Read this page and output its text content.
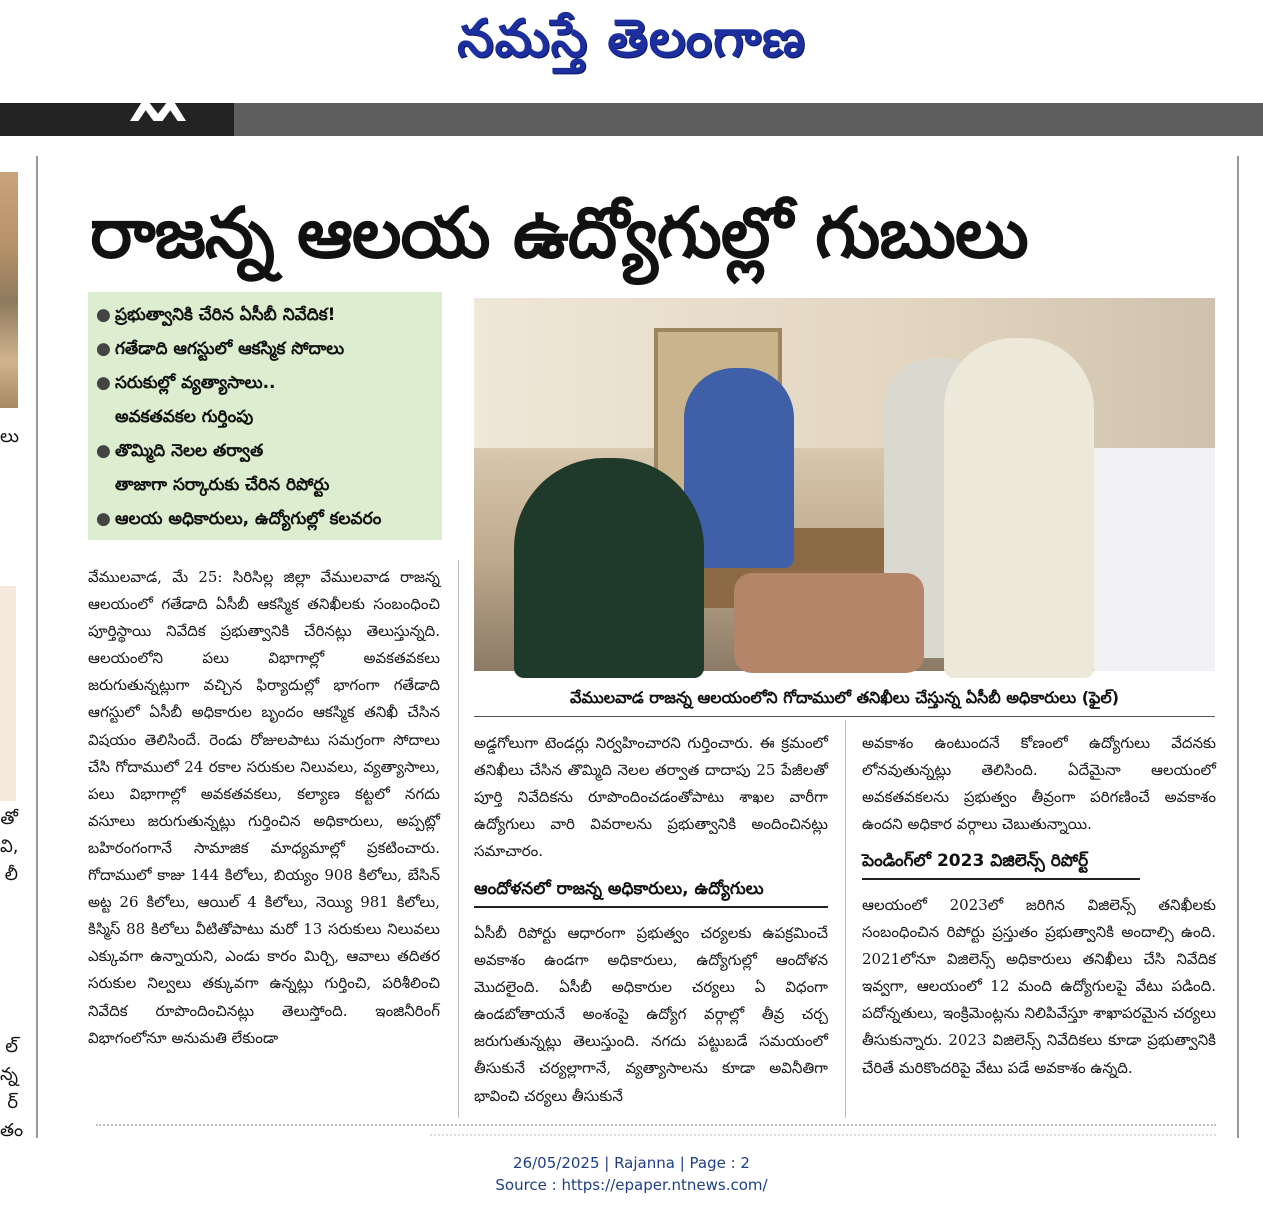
నమస్తే తెలంగాణ
లు
తో
వి,
లీ
ల్
న్న
ర్
తం
రాజన్న ఆలయ ఉద్యోగుల్లో గుబులు
● ప్రభుత్వానికి చేరిన ఏసీబీ నివేదిక!
● గతేడాది ఆగస్టులో ఆకస్మిక సోదాలు
● సరుకుల్లో వ్యత్యాసాలు..
అవకతవకల గుర్తింపు
● తొమ్మిది నెలల తర్వాత
తాజాగా సర్కారుకు చేరిన రిపోర్టు
● ఆలయ అధికారులు, ఉద్యోగుల్లో కలవరం
వేములవాడ రాజన్న ఆలయంలోని గోదాములో తనిఖీలు చేస్తున్న ఏసీబీ అధికారులు (ఫైల్)

వేములవాడ, మే 25: సిరిసిల్ల జిల్లా వేములవాడ రాజన్న ఆలయంలో గతేడాది ఏసీబీ ఆకస్మిక తనిఖీలకు సంబంధించి పూర్తిస్థాయి నివేదిక ప్రభుత్వానికి చేరినట్లు తెలుస్తున్నది. ఆలయంలోని పలు విభాగాల్లో అవకతవకలు జరుగుతున్నట్లుగా వచ్చిన ఫిర్యాదుల్లో భాగంగా గతేడాది ఆగస్టులో ఏసీబీ అధికారుల బృందం ఆకస్మిక తనిఖీ చేసిన విషయం తెలిసిందే. రెండు రోజులపాటు సమగ్రంగా సోదాలు చేసి గోదాములో 24 రకాల సరుకుల నిలువలు, వ్యత్యాసాలు, పలు విభాగాల్లో అవకతవకలు, కల్యాణ కట్టలో నగదు వసూలు జరుగుతున్నట్లు గుర్తించిన అధికారులు, అప్పట్లో బహిరంగంగానే సామాజిక మాధ్యమాల్లో ప్రకటించారు. గోదాములో కాజు 144 కిలోలు, బియ్యం 908 కిలోలు, బేసిన్ అట్ట 26 కిలోలు, ఆయిల్ 4 కిలోలు, నెయ్యి 981 కిలోలు, కిస్మిస్ 88 కిలోలు వీటితోపాటు మరో 13 సరుకులు నిలువలు ఎక్కువగా ఉన్నాయని, ఎండు కారం మిర్చి, ఆవాలు తదితర సరుకుల నిల్వలు తక్కువగా ఉన్నట్లు గుర్తించి, పరిశీలించి నివేదిక రూపొందించినట్లు తెలుస్తోంది. ఇంజినీరింగ్ విభాగంలోనూ అనుమతి లేకుండా

అడ్డగోలుగా టెండర్లు నిర్వహించారని గుర్తించారు. ఈ క్రమంలో తనిఖీలు చేసిన తొమ్మిది నెలల తర్వాత దాదాపు 25 పేజీలతో పూర్తి నివేదికను రూపొందించడంతోపాటు శాఖల వారీగా ఉద్యోగులు వారి వివరాలను ప్రభుత్వానికి అందించినట్లు సమాచారం.

ఆందోళనలో రాజన్న అధికారులు, ఉద్యోగులు

ఏసీబీ రిపోర్టు ఆధారంగా ప్రభుత్వం చర్యలకు ఉపక్రమించే అవకాశం ఉండగా అధికారులు, ఉద్యోగుల్లో ఆందోళన మొదలైంది. ఏసీబీ అధికారుల చర్యలు ఏ విధంగా ఉండబోతాయనే అంశంపై ఉద్యోగ వర్గాల్లో తీవ్ర చర్చ జరుగుతున్నట్లు తెలుస్తుంది. నగదు పట్టుబడే సమయంలో తీసుకునే చర్యల్లాగానే, వ్యత్యాసాలను కూడా అవినీతిగా భావించి చర్యలు తీసుకునే

అవకాశం ఉంటుందనే కోణంలో ఉద్యోగులు వేదనకు లోనవుతున్నట్లు తెలిసింది. ఏదేమైనా ఆలయంలో అవకతవకలను ప్రభుత్వం తీవ్రంగా పరిగణించే అవకాశం ఉందని అధికార వర్గాలు చెబుతున్నాయి.

పెండింగ్‌లో 2023 విజిలెన్స్ రిపోర్ట్

ఆలయంలో 2023లో జరిగిన విజిలెన్స్ తనిఖీలకు సంబంధించిన రిపోర్టు ప్రస్తుతం ప్రభుత్వానికి అందాల్సి ఉంది. 2021లోనూ విజిలెన్స్ అధికారులు తనిఖీలు చేసి నివేదిక ఇవ్వగా, ఆలయంలో 12 మంది ఉద్యోగులపై వేటు పడింది. పదోన్నతులు, ఇంక్రిమెంట్లను నిలిపివేస్తూ శాఖాపరమైన చర్యలు తీసుకున్నారు. 2023 విజిలెన్స్ నివేదికలు కూడా ప్రభుత్వానికి చేరితే మరికొందరిపై వేటు పడే అవకాశం ఉన్నది.

26/05/2025 | Rajanna | Page : 2
Source : https://epaper.ntnews.com/
